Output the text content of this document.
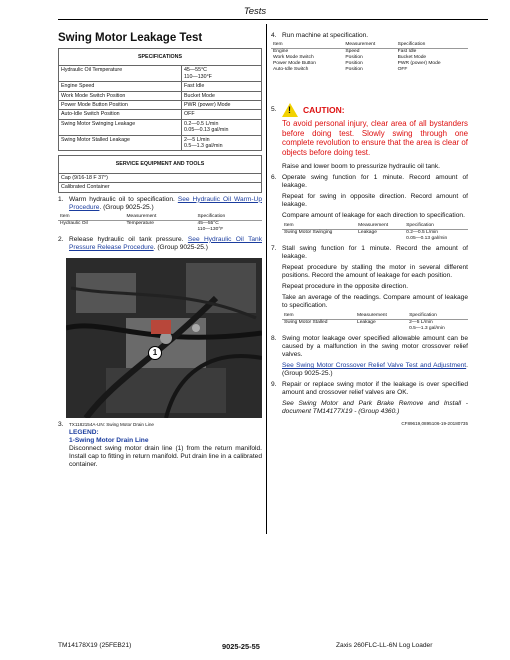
Tests
Swing Motor Leakage Test
SPECIFICATIONS	
Hydraulic Oil Temperature	45—55°C
110—130°F
Engine Speed	Fast Idle
Work Mode Switch Position	Bucket Mode
Power Mode Button Position	PWR (power) Mode
Auto-Idle Switch Position	OFF
Swing Motor Swinging Leakage	0.2—0.5 L/min
0.05—0.13 gal/min
Swing Motor Stalled Leakage	2—5 L/min
0.5—1.3 gal/min
SERVICE EQUIPMENT AND TOOLS
Cap (9/16-18 F 37°)
Calibrated Container
1. Warm hydraulic oil to specification. See Hydraulic Oil Warm-Up Procedure. (Group 9025-25.)
Item	Measurement	Specification
Hydraulic Oil	Temperature	45—55°C
110—130°F
2. Release hydraulic oil tank pressure. See Hydraulic Oil Tank Pressure Release Procedure. (Group 9025-25.)
1
3.	TX1182154A-UN: Swing Motor Drain Line
LEGEND:
1-Swing Motor Drain Line
Disconnect swing motor drain line (1) from the return manifold. Install cap to fitting in return manifold. Put drain line in a calibrated container.
4. Run machine at specification.
Item	Measurement	Specification
Engine	Speed	Fast Idle
Work Mode Switch	Position	Bucket Mode
Power Mode Button	Position	PWR (power) Mode
Auto-Idle Switch	Position	OFF
5.	! CAUTION:
To avoid personal injury, clear area of all bystanders before doing test. Slowly swing through one complete revolution to ensure that the area is clear of objects before doing test.
Raise and lower boom to pressurize hydraulic oil tank.
6. Operate swing function for 1 minute. Record amount of leakage.
Repeat for swing in opposite direction. Record amount of leakage.
Compare amount of leakage for each direction to specification.
Item	Measurement	Specification
Swing Motor Swinging	Leakage	0.2—0.5 L/min
0.05—0.13 gal/min
7. Stall swing function for 1 minute. Record the amount of leakage.
Repeat procedure by stalling the motor in several different positions. Record the amount of leakage for each position.
Repeat procedure in the opposite direction.
Take an average of the readings. Compare amount of leakage to specification.
Item	Measurement	Specification
Swing Motor Stalled	Leakage	2—5 L/min
0.5—1.3 gal/min
8. Swing motor leakage over specified allowable amount can be caused by a malfunction in the swing motor crossover relief valves.
See Swing Motor Crossover Relief Valve Test and Adjustment. (Group 9025-25.)
9. Repair or replace swing motor if the leakage is over specified amount and crossover relief valves are OK.
See Swing Motor and Park Brake Remove and Install - document TM14177X19 - (Group 4360.)
CF89619,0895106-19-20180735
TM14178X19 (25FEB21)	9025-25-55	Zaxis 260FLC-LL-6N Log Loader
